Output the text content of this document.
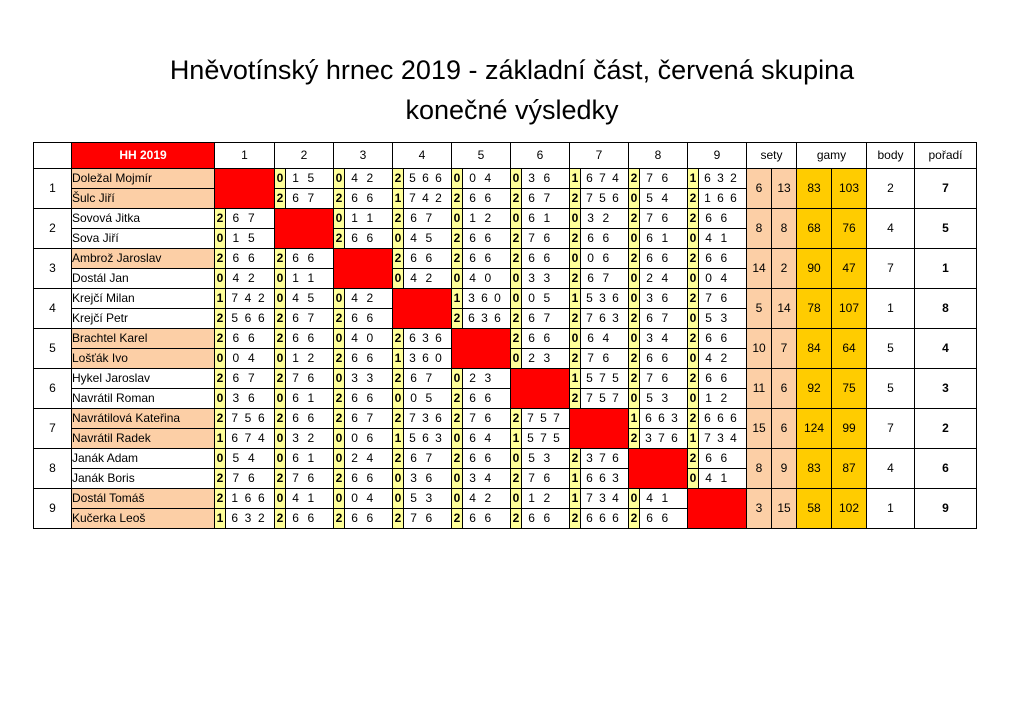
Hněvotínský hrnec 2019 - základní část, červená skupina
konečné výsledky
	HH 2019	1	2	3	4	5	6	7	8	9	sety		gamy		body	pořadí
1	Doležal Mojmír		0 1 5	0 4 2	2 5 6 6	0 0 4	0 3 6	1 6 7 4	2 7 6	1 6 3 2	6	13	83	103	2	7
	Šulc Jiří		2 6 7	2 6 6	1 7 4 2	2 6 6	2 6 7	2 7 5 6	0 5 4	2 1 6 6						

2	Sovová Jitka	2 6 7		0 1 1	2 6 7	0 1 2	0 6 1	0 3 2	2 7 6	2 6 6	8	8	68	76	4	5
	Sova Jiří	0 1 5		2 6 6	0 4 5	2 6 6	2 7 6	2 6 6	0 6 1	0 4 1						

3	Ambrož Jaroslav	2 6 6	2 6 6		2 6 6	2 6 6	2 6 6	0 0 6	2 6 6	2 6 6	14	2	90	47	7	1
	Dostál Jan	0 4 2	0 1 1		0 4 2	0 4 0	0 3 3	2 6 7	0 2 4	0 0 4						

4	Krejčí Milan	1 7 4 2	0 4 5	0 4 2		1 3 6 0	0 0 5	1 5 3 6	0 3 6	2 7 6	5	14	78	107	1	8
	Krejčí Petr	2 5 6 6	2 6 7	2 6 6		2 6 3 6	2 6 7	2 7 6 3	2 6 7	0 5 3						

5	Brachtel Karel	2 6 6	2 6 6	0 4 0	2 6 3 6		2 6 6	0 6 4	0 3 4	2 6 6	10	7	84	64	5	4
	Lošťák Ivo	0 0 4	0 1 2	2 6 6	1 3 6 0		0 2 3	2 7 6	2 6 6	0 4 2						

6	Hykel Jaroslav	2 6 7	2 7 6	0 3 3	2 6 7	0 2 3		1 5 7 5	2 7 6	2 6 6	11	6	92	75	5	3
	Navrátil Roman	0 3 6	0 6 1	2 6 6	0 0 5	2 6 6		2 7 5 7	0 5 3	0 1 2						

7	Navrátilová Kateřina	2 7 5 6	2 6 6	2 6 7	2 7 3 6	2 7 6	2 7 5 7		1 6 6 3	2 6 6 6	15	6	124	99	7	2
	Navrátil Radek	1 6 7 4	0 3 2	0 0 6	1 5 6 3	0 6 4	1 5 7 5		2 3 7 6	1 7 3 4						

8	Janák Adam	0 5 4	0 6 1	0 2 4	2 6 7	2 6 6	0 5 3	2 3 7 6		2 6 6	8	9	83	87	4	6
	Janák Boris	2 7 6	2 7 6	2 6 6	0 3 6	0 3 4	2 7 6	1 6 6 3		0 4 1						

9	Dostál Tomáš	2 1 6 6	0 4 1	0 0 4	0 5 3	0 4 2	0 1 2	1 7 3 4	0 4 1		3	15	58	102	1	9
	Kučerka Leoš	1 6 3 2	2 6 6	2 6 6	2 7 6	2 6 6	2 6 6	2 6 6 6	2 6 6							
